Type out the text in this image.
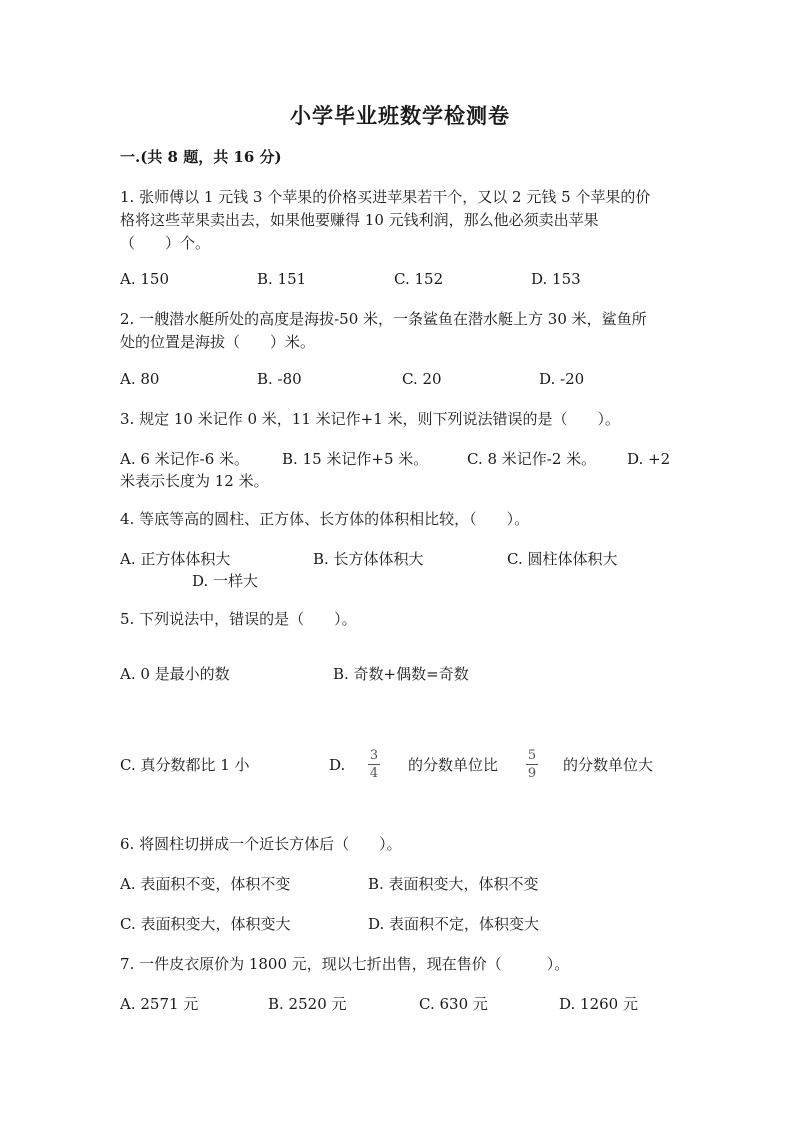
小学毕业班数学检测卷
一.(共 8 题，共 16 分)
1. 张师傅以 1 元钱 3 个苹果的价格买进苹果若干个，又以 2 元钱 5 个苹果的价
格将这些苹果卖出去，如果他要赚得 10 元钱利润，那么他必须卖出苹果
（　　）个。
A. 150	B. 151	C. 152	D. 153
2. 一艘潜水艇所处的高度是海拔-50 米，一条鲨鱼在潜水艇上方 30 米，鲨鱼所
处的位置是海拔（　　）米。
A. 80	B. -80	C. 20	D. -20
3. 规定 10 米记作 0 米，11 米记作+1 米，则下列说法错误的是（　　）。
A. 6 米记作-6 米。 B. 15 米记作+5 米。	C. 8 米记作-2 米。 D. +2
米表示长度为 12 米。
4. 等底等高的圆柱、正方体、长方体的体积相比较，（　　）。
A. 正方体体积大	B. 长方体体积大	C. 圆柱体体积大
D. 一样大
5. 下列说法中，错误的是（　　）。
A. 0 是最小的数	B. 奇数+偶数=奇数
C. 真分数都比 1 小	D.
3
4 的分数单位比
5
9 的分数单位大
6. 将圆柱切拼成一个近长方体后（　　）。
A. 表面积不变，体积不变	B. 表面积变大，体积不变
C. 表面积变大，体积变大	D. 表面积不定，体积变大
7. 一件皮衣原价为 1800 元，现以七折出售，现在售价（　　　）。
A. 2571 元	B. 2520 元	C. 630 元	D. 1260 元
